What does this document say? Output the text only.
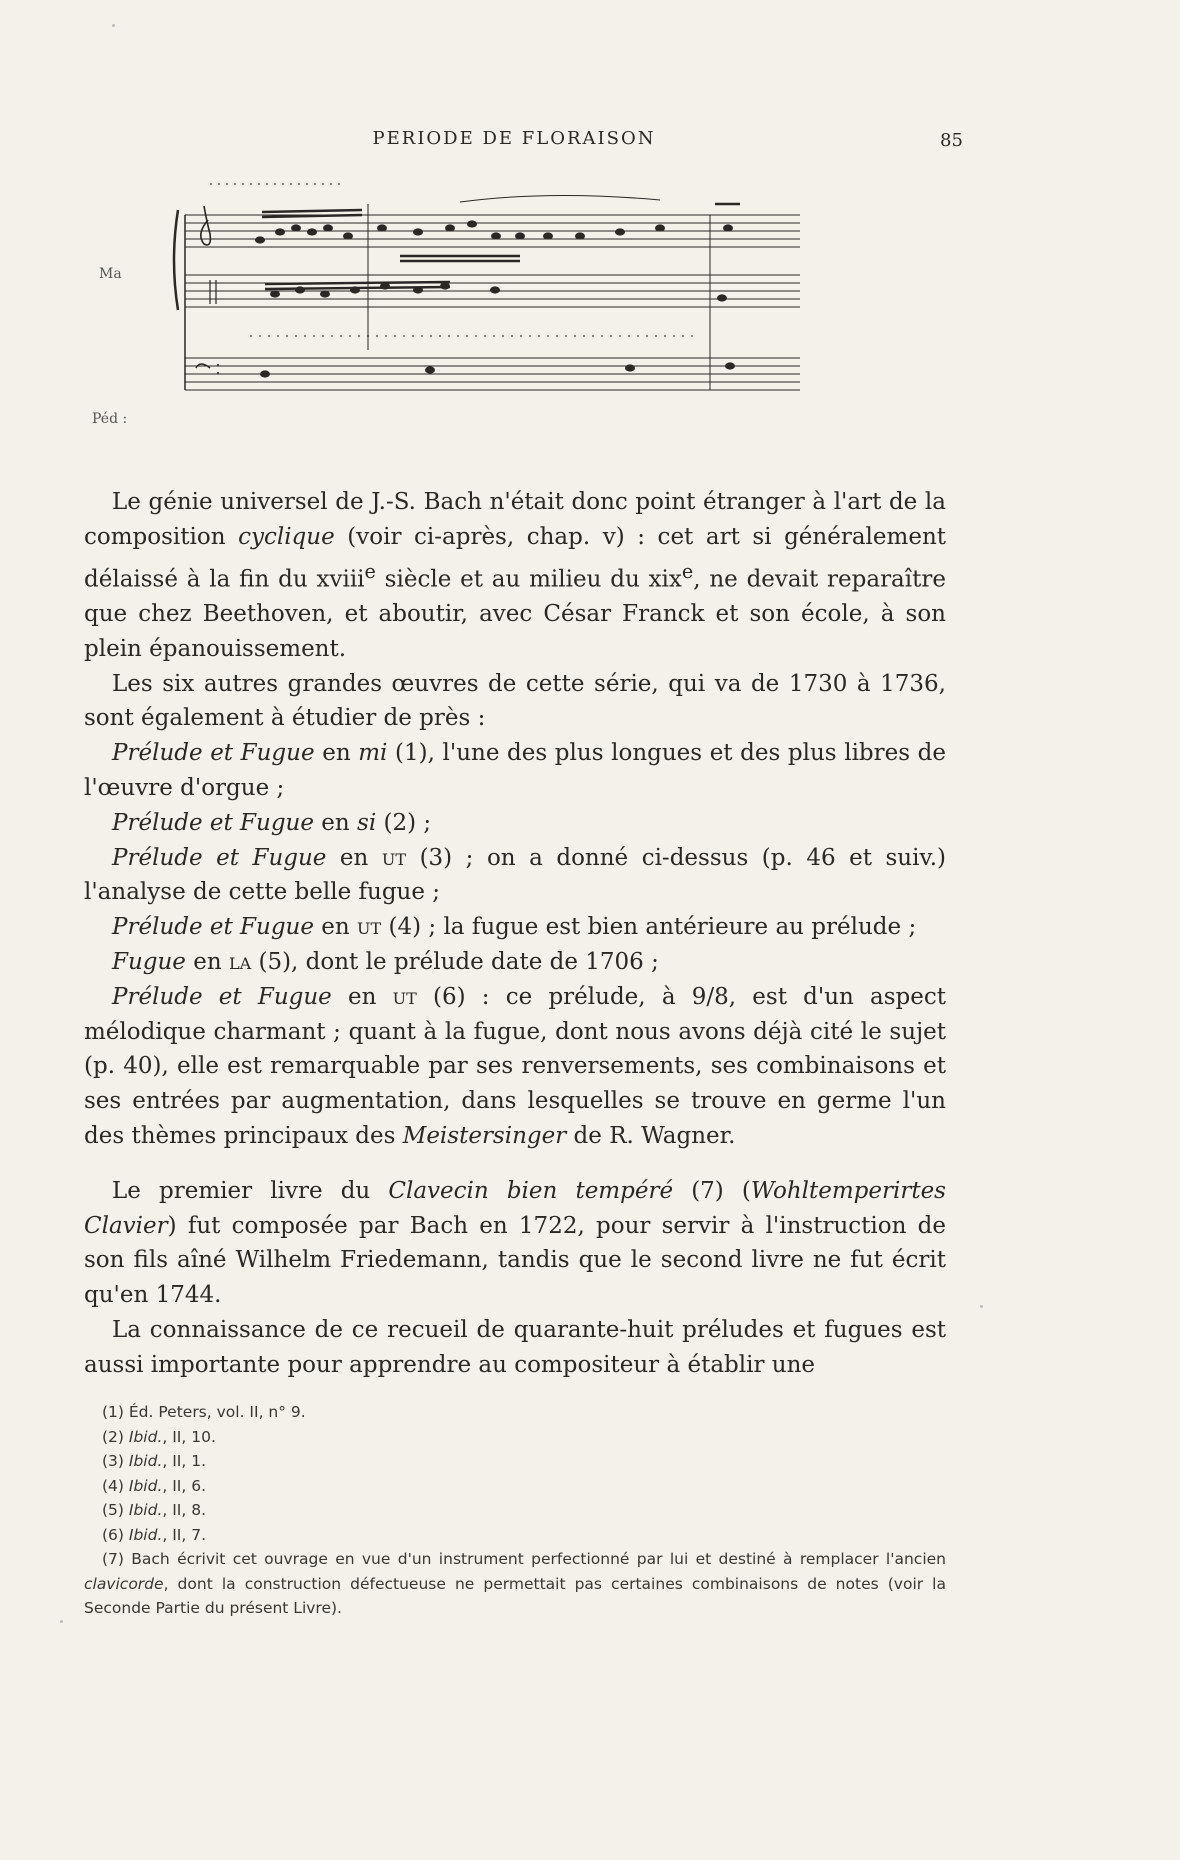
PERIODE DE FLORAISON	85
Ma
Péd :

Le génie universel de J.-S. Bach n'était donc point étranger à l'art de la composition cyclique (voir ci-après, chap. v) : cet art si généralement délaissé à la fin du xviii$^e$ siècle et au milieu du xix$^e$, ne devait reparaître que chez Beethoven, et aboutir, avec César Franck et son école, à son plein épanouissement.

Les six autres grandes œuvres de cette série, qui va de 1730 à 1736, sont également à étudier de près :

Prélude et Fugue en mi (1), l'une des plus longues et des plus libres de l'œuvre d'orgue ;

Prélude et Fugue en si (2) ;

Prélude et Fugue en ut (3) ; on a donné ci-dessus (p. 46 et suiv.) l'analyse de cette belle fugue ;

Prélude et Fugue en ut (4) ; la fugue est bien antérieure au prélude ;

Fugue en la (5), dont le prélude date de 1706 ;

Prélude et Fugue en ut (6) : ce prélude, à 9/8, est d'un aspect mélodique charmant ; quant à la fugue, dont nous avons déjà cité le sujet (p. 40), elle est remarquable par ses renversements, ses combinaisons et ses entrées par augmentation, dans lesquelles se trouve en germe l'un des thèmes principaux des Meistersinger de R. Wagner.

Le premier livre du Clavecin bien tempéré (7) (Wohltemperirtes Clavier) fut composée par Bach en 1722, pour servir à l'instruction de son fils aîné Wilhelm Friedemann, tandis que le second livre ne fut écrit qu'en 1744.

La connaissance de ce recueil de quarante-huit préludes et fugues est aussi importante pour apprendre au compositeur à établir une

(1) Éd. Peters, vol. II, n° 9.

(2) Ibid., II, 10.

(3) Ibid., II, 1.

(4) Ibid., II, 6.

(5) Ibid., II, 8.

(6) Ibid., II, 7.

(7) Bach écrivit cet ouvrage en vue d'un instrument perfectionné par lui et destiné à remplacer l'ancien clavicorde, dont la construction défectueuse ne permettait pas certaines combinaisons de notes (voir la Seconde Partie du présent Livre).
